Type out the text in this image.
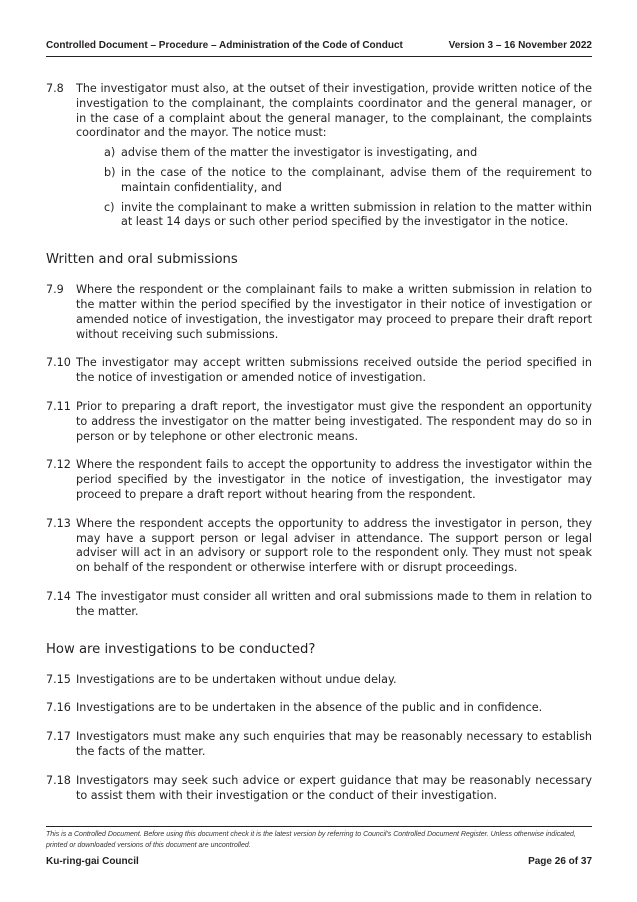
Controlled Document – Procedure – Administration of the Code of Conduct	Version 3 – 16 November 2022
7.8	The investigator must also, at the outset of their investigation, provide written notice of the investigation to the complainant, the complaints coordinator and the general manager, or in the case of a complaint about the general manager, to the complainant, the complaints coordinator and the mayor. The notice must:
a) advise them of the matter the investigator is investigating, and
b) in the case of the notice to the complainant, advise them of the requirement to maintain confidentiality, and
c) invite the complainant to make a written submission in relation to the matter within at least 14 days or such other period specified by the investigator in the notice.
Written and oral submissions
7.9	Where the respondent or the complainant fails to make a written submission in relation to the matter within the period specified by the investigator in their notice of investigation or amended notice of investigation, the investigator may proceed to prepare their draft report without receiving such submissions.
7.10 The investigator may accept written submissions received outside the period specified in the notice of investigation or amended notice of investigation.
7.11 Prior to preparing a draft report, the investigator must give the respondent an opportunity to address the investigator on the matter being investigated. The respondent may do so in person or by telephone or other electronic means.
7.12 Where the respondent fails to accept the opportunity to address the investigator within the period specified by the investigator in the notice of investigation, the investigator may proceed to prepare a draft report without hearing from the respondent.
7.13 Where the respondent accepts the opportunity to address the investigator in person, they may have a support person or legal adviser in attendance. The support person or legal adviser will act in an advisory or support role to the respondent only. They must not speak on behalf of the respondent or otherwise interfere with or disrupt proceedings.
7.14 The investigator must consider all written and oral submissions made to them in relation to the matter.
How are investigations to be conducted?
7.15 Investigations are to be undertaken without undue delay.
7.16 Investigations are to be undertaken in the absence of the public and in confidence.
7.17 Investigators must make any such enquiries that may be reasonably necessary to establish the facts of the matter.
7.18 Investigators may seek such advice or expert guidance that may be reasonably necessary to assist them with their investigation or the conduct of their investigation.
This is a Controlled Document. Before using this document check it is the latest version by referring to Council's Controlled Document Register. Unless otherwise indicated, printed or downloaded versions of this document are uncontrolled.
Ku-ring-gai Council	Page 26 of 37
